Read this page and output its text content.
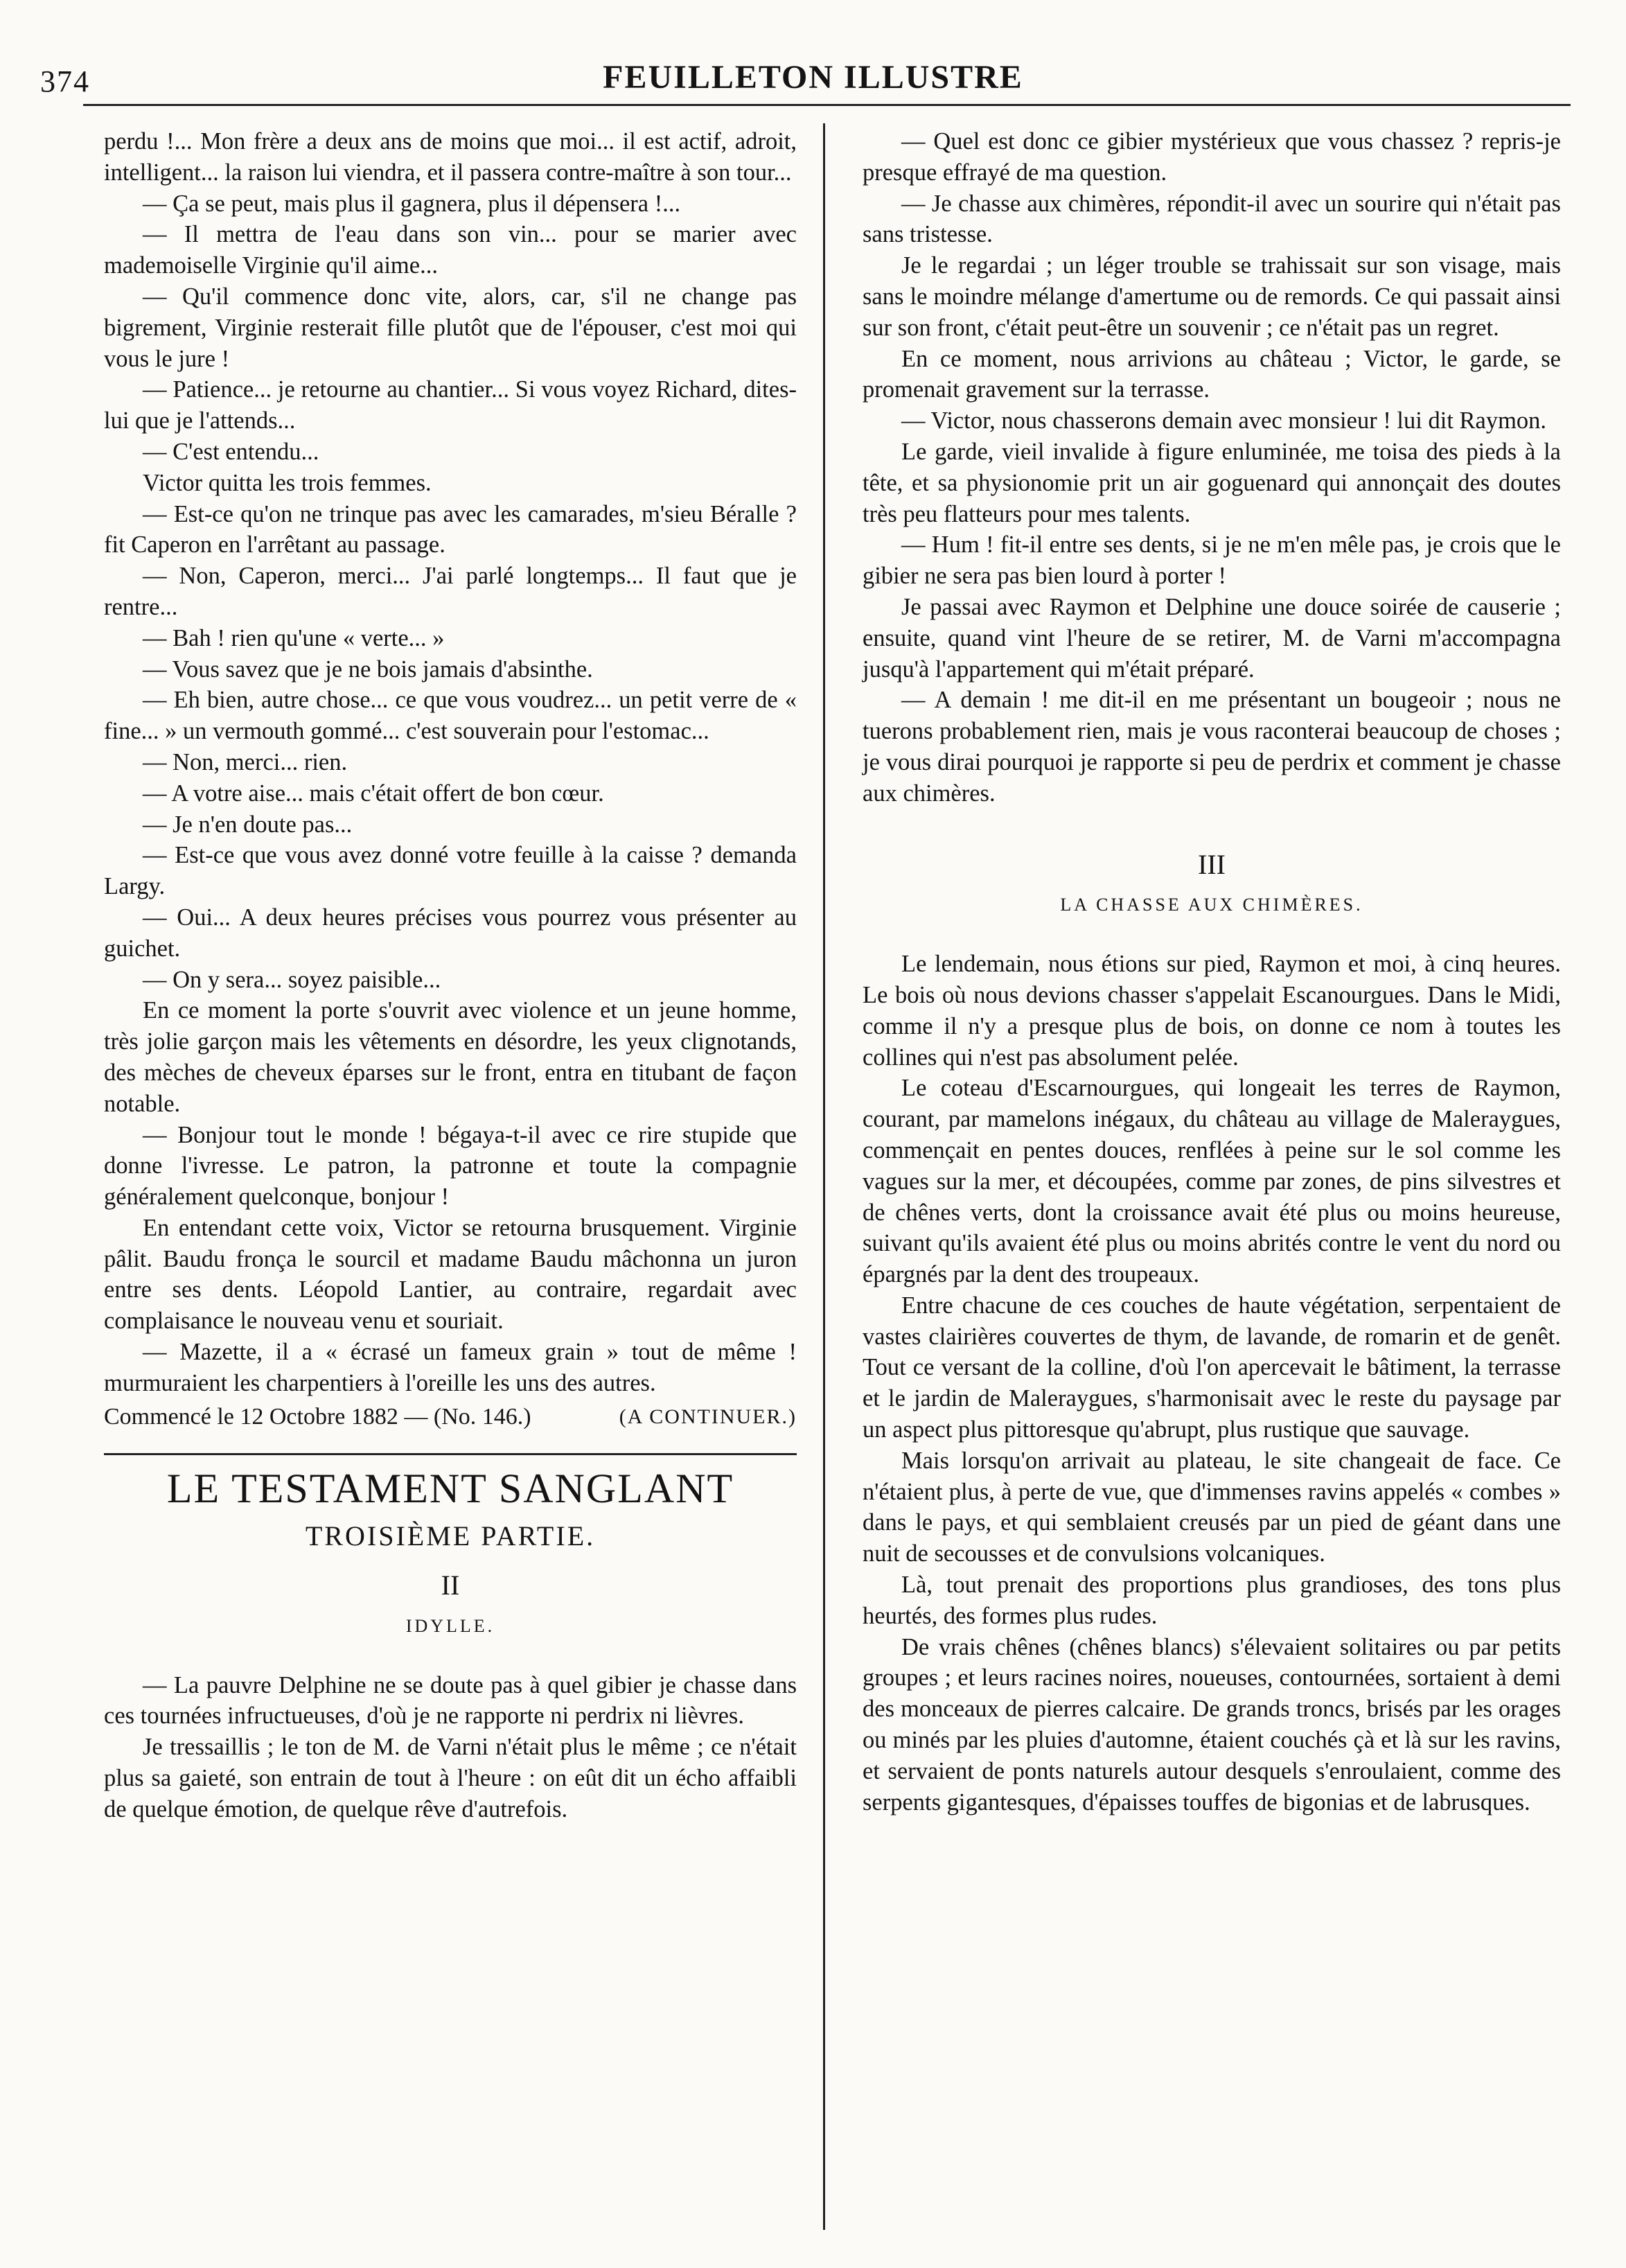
374	FEUILLETON ILLUSTRE

perdu !... Mon frère a deux ans de moins que moi... il est actif, adroit, intelligent... la raison lui viendra, et il passera contre-maître à son tour...

— Ça se peut, mais plus il gagnera, plus il dépensera !...

— Il mettra de l'eau dans son vin... pour se marier avec mademoiselle Virginie qu'il aime...

— Qu'il commence donc vite, alors, car, s'il ne change pas bigrement, Virginie resterait fille plutôt que de l'épouser, c'est moi qui vous le jure !

— Patience... je retourne au chantier... Si vous voyez Richard, dites-lui que je l'attends...

— C'est entendu...

Victor quitta les trois femmes.

— Est-ce qu'on ne trinque pas avec les camarades, m'sieu Béralle ? fit Caperon en l'arrêtant au passage.

— Non, Caperon, merci... J'ai parlé longtemps... Il faut que je rentre...

— Bah ! rien qu'une « verte... »

— Vous savez que je ne bois jamais d'absinthe.

— Eh bien, autre chose... ce que vous voudrez... un petit verre de « fine... » un vermouth gommé... c'est souverain pour l'estomac...

— Non, merci... rien.

— A votre aise... mais c'était offert de bon cœur.

— Je n'en doute pas...

— Est-ce que vous avez donné votre feuille à la caisse ? demanda Largy.

— Oui... A deux heures précises vous pourrez vous présenter au guichet.

— On y sera... soyez paisible...

En ce moment la porte s'ouvrit avec violence et un jeune homme, très jolie garçon mais les vêtements en désordre, les yeux clignotands, des mèches de cheveux éparses sur le front, entra en titubant de façon notable.

— Bonjour tout le monde ! bégaya-t-il avec ce rire stupide que donne l'ivresse. Le patron, la patronne et toute la compagnie généralement quelconque, bonjour !

En entendant cette voix, Victor se retourna brusquement. Virginie pâlit. Baudu fronça le sourcil et madame Baudu mâchonna un juron entre ses dents. Léopold Lantier, au contraire, regardait avec complaisance le nouveau venu et souriait.

— Mazette, il a « écrasé un fameux grain » tout de même ! murmuraient les charpentiers à l'oreille les uns des autres.

Commencé le 12 Octobre 1882 — (No. 146.)	(A CONTINUER.)
LE TESTAMENT SANGLANT
TROISIÈME PARTIE.
II
IDYLLE.

— La pauvre Delphine ne se doute pas à quel gibier je chasse dans ces tournées infructueuses, d'où je ne rapporte ni perdrix ni lièvres.

Je tressaillis ; le ton de M. de Varni n'était plus le même ; ce n'était plus sa gaieté, son entrain de tout à l'heure : on eût dit un écho affaibli de quelque émotion, de quelque rêve d'autrefois.

— Quel est donc ce gibier mystérieux que vous chassez ? repris-je presque effrayé de ma question.

— Je chasse aux chimères, répondit-il avec un sourire qui n'était pas sans tristesse.

Je le regardai ; un léger trouble se trahissait sur son visage, mais sans le moindre mélange d'amertume ou de remords. Ce qui passait ainsi sur son front, c'était peut-être un souvenir ; ce n'était pas un regret.

En ce moment, nous arrivions au château ; Victor, le garde, se promenait gravement sur la terrasse.

— Victor, nous chasserons demain avec monsieur ! lui dit Raymon.

Le garde, vieil invalide à figure enluminée, me toisa des pieds à la tête, et sa physionomie prit un air goguenard qui annonçait des doutes très peu flatteurs pour mes talents.

— Hum ! fit-il entre ses dents, si je ne m'en mêle pas, je crois que le gibier ne sera pas bien lourd à porter !

Je passai avec Raymon et Delphine une douce soirée de causerie ; ensuite, quand vint l'heure de se retirer, M. de Varni m'accompagna jusqu'à l'appartement qui m'était préparé.

— A demain ! me dit-il en me présentant un bougeoir ; nous ne tuerons probablement rien, mais je vous raconterai beaucoup de choses ; je vous dirai pourquoi je rapporte si peu de perdrix et comment je chasse aux chimères.

III
LA CHASSE AUX CHIMÈRES.

Le lendemain, nous étions sur pied, Raymon et moi, à cinq heures. Le bois où nous devions chasser s'appelait Escanourgues. Dans le Midi, comme il n'y a presque plus de bois, on donne ce nom à toutes les collines qui n'est pas absolument pelée.

Le coteau d'Escarnourgues, qui longeait les terres de Raymon, courant, par mamelons inégaux, du château au village de Maleraygues, commençait en pentes douces, renflées à peine sur le sol comme les vagues sur la mer, et découpées, comme par zones, de pins silvestres et de chênes verts, dont la croissance avait été plus ou moins heureuse, suivant qu'ils avaient été plus ou moins abrités contre le vent du nord ou épargnés par la dent des troupeaux.

Entre chacune de ces couches de haute végétation, serpentaient de vastes clairières couvertes de thym, de lavande, de romarin et de genêt. Tout ce versant de la colline, d'où l'on apercevait le bâtiment, la terrasse et le jardin de Maleraygues, s'harmonisait avec le reste du paysage par un aspect plus pittoresque qu'abrupt, plus rustique que sauvage.

Mais lorsqu'on arrivait au plateau, le site changeait de face. Ce n'étaient plus, à perte de vue, que d'immenses ravins appelés « combes » dans le pays, et qui semblaient creusés par un pied de géant dans une nuit de secousses et de convulsions volcaniques.

Là, tout prenait des proportions plus grandioses, des tons plus heurtés, des formes plus rudes.

De vrais chênes (chênes blancs) s'élevaient solitaires ou par petits groupes ; et leurs racines noires, noueuses, contournées, sortaient à demi des monceaux de pierres calcaire. De grands troncs, brisés par les orages ou minés par les pluies d'automne, étaient couchés çà et là sur les ravins, et servaient de ponts naturels autour desquels s'enroulaient, comme des serpents gigantesques, d'épaisses touffes de bigonias et de labrusques.
